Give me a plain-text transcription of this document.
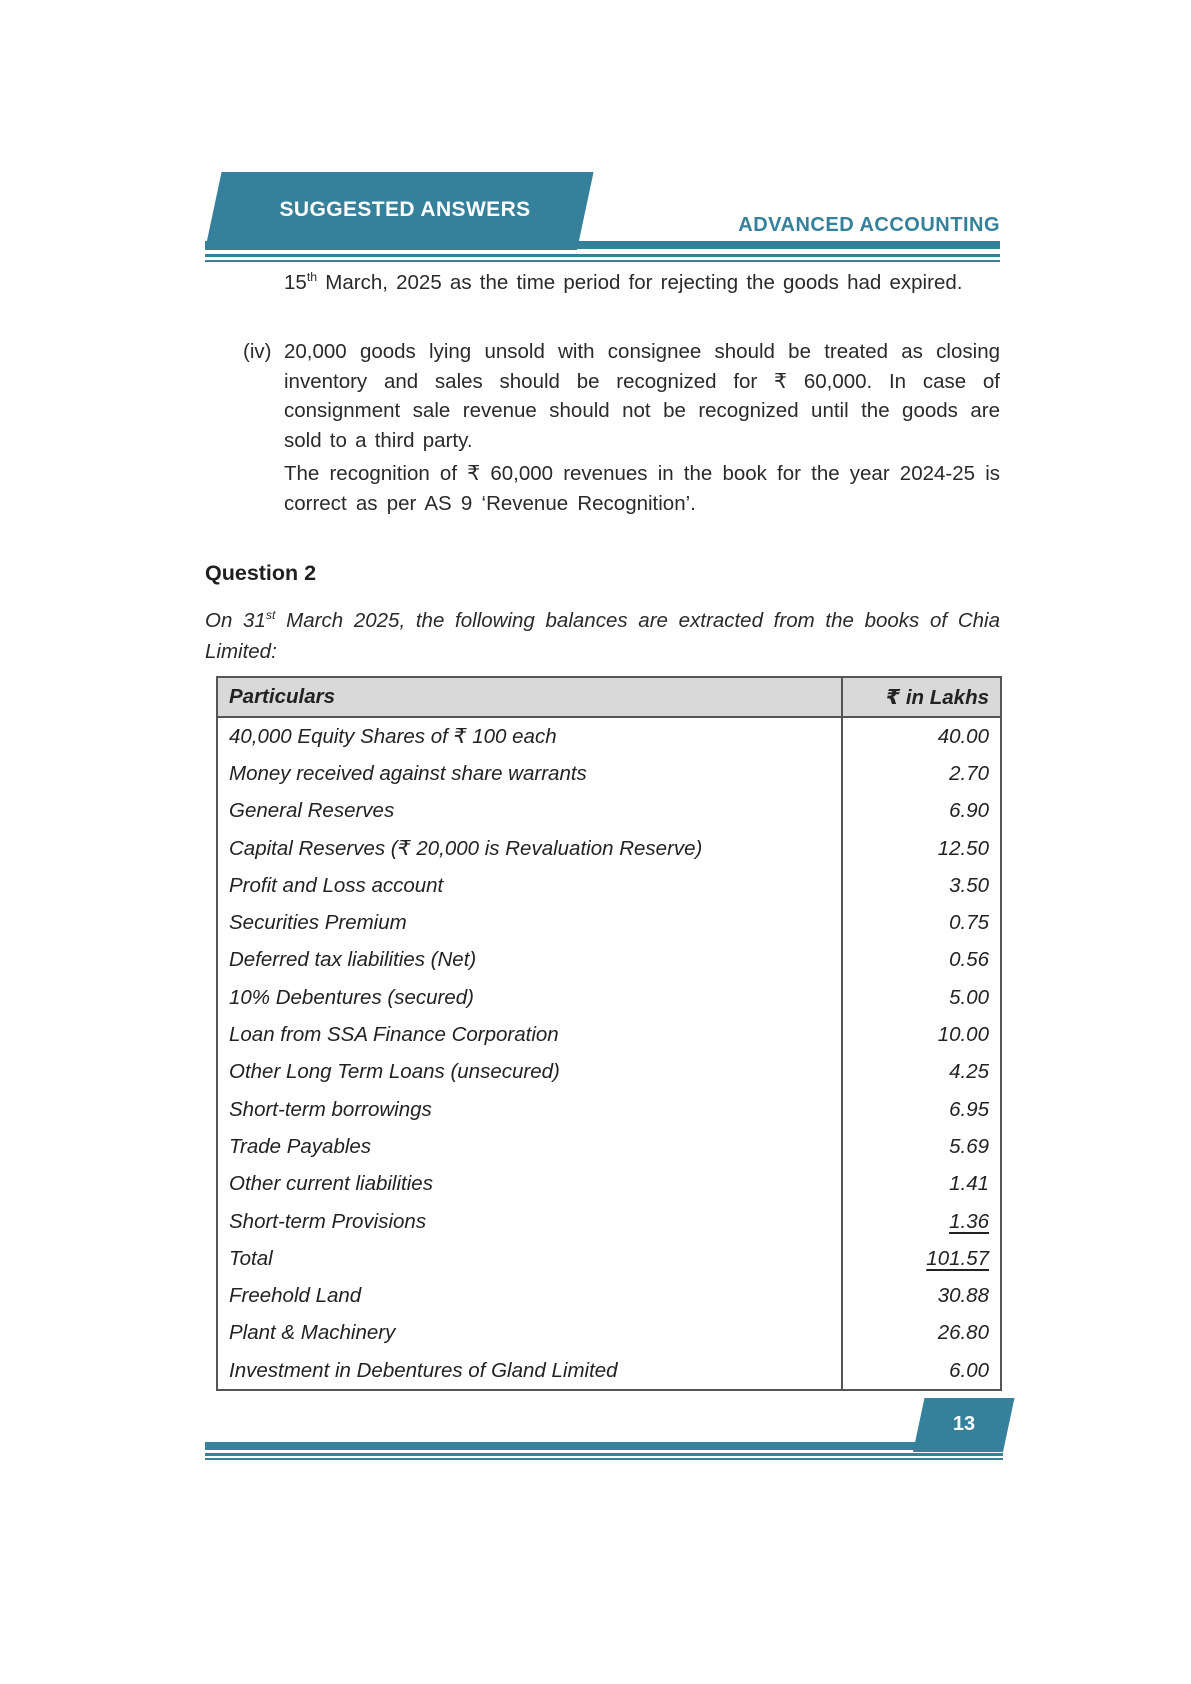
ADVANCED ACCOUNTING
SUGGESTED ANSWERS
15th March, 2025 as the time period for rejecting the goods had expired.
(iv) 20,000 goods lying unsold with consignee should be treated as closing inventory and sales should be recognized for ₹ 60,000. In case of consignment sale revenue should not be recognized until the goods are sold to a third party.
The recognition of ₹ 60,000 revenues in the book for the year 2024-25 is correct as per AS 9 ‘Revenue Recognition’.
Question 2
On 31st March 2025, the following balances are extracted from the books of Chia Limited:
Particulars	₹ in Lakhs
40,000 Equity Shares of ₹ 100 each	40.00
Money received against share warrants	2.70
General Reserves	6.90
Capital Reserves (₹ 20,000 is Revaluation Reserve)	12.50
Profit and Loss account	3.50
Securities Premium	0.75
Deferred tax liabilities (Net)	0.56
10% Debentures (secured)	5.00
Loan from SSA Finance Corporation	10.00
Other Long Term Loans (unsecured)	4.25
Short-term borrowings	6.95
Trade Payables	5.69
Other current liabilities	1.41
Short-term Provisions	1.36
Total	101.57
Freehold Land	30.88
Plant & Machinery	26.80
Investment in Debentures of Gland Limited	6.00
13
